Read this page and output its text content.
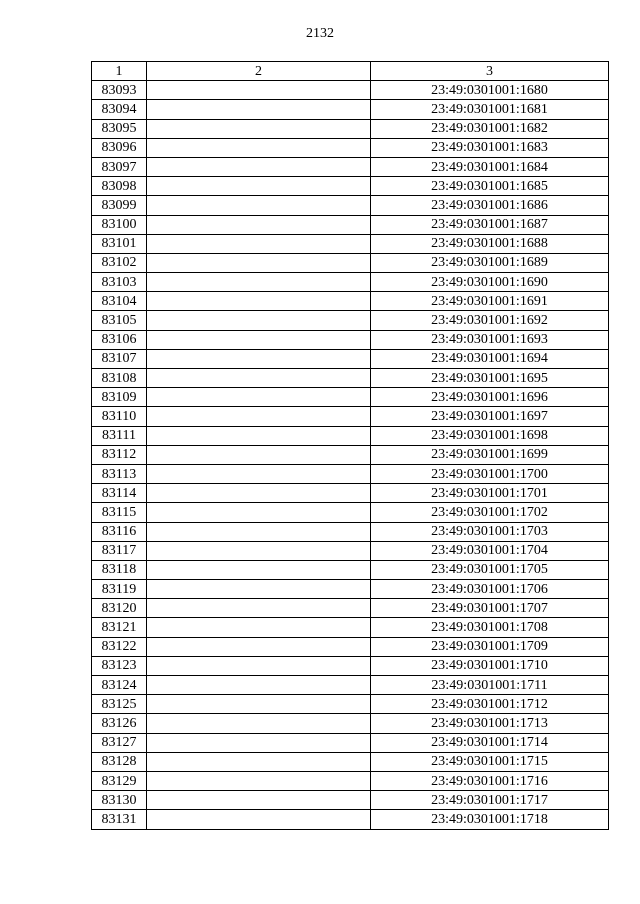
2132
1	2	3
83093		23:49:0301001:1680
83094		23:49:0301001:1681
83095		23:49:0301001:1682
83096		23:49:0301001:1683
83097		23:49:0301001:1684
83098		23:49:0301001:1685
83099		23:49:0301001:1686
83100		23:49:0301001:1687
83101		23:49:0301001:1688
83102		23:49:0301001:1689
83103		23:49:0301001:1690
83104		23:49:0301001:1691
83105		23:49:0301001:1692
83106		23:49:0301001:1693
83107		23:49:0301001:1694
83108		23:49:0301001:1695
83109		23:49:0301001:1696
83110		23:49:0301001:1697
83111		23:49:0301001:1698
83112		23:49:0301001:1699
83113		23:49:0301001:1700
83114		23:49:0301001:1701
83115		23:49:0301001:1702
83116		23:49:0301001:1703
83117		23:49:0301001:1704
83118		23:49:0301001:1705
83119		23:49:0301001:1706
83120		23:49:0301001:1707
83121		23:49:0301001:1708
83122		23:49:0301001:1709
83123		23:49:0301001:1710
83124		23:49:0301001:1711
83125		23:49:0301001:1712
83126		23:49:0301001:1713
83127		23:49:0301001:1714
83128		23:49:0301001:1715
83129		23:49:0301001:1716
83130		23:49:0301001:1717
83131		23:49:0301001:1718
